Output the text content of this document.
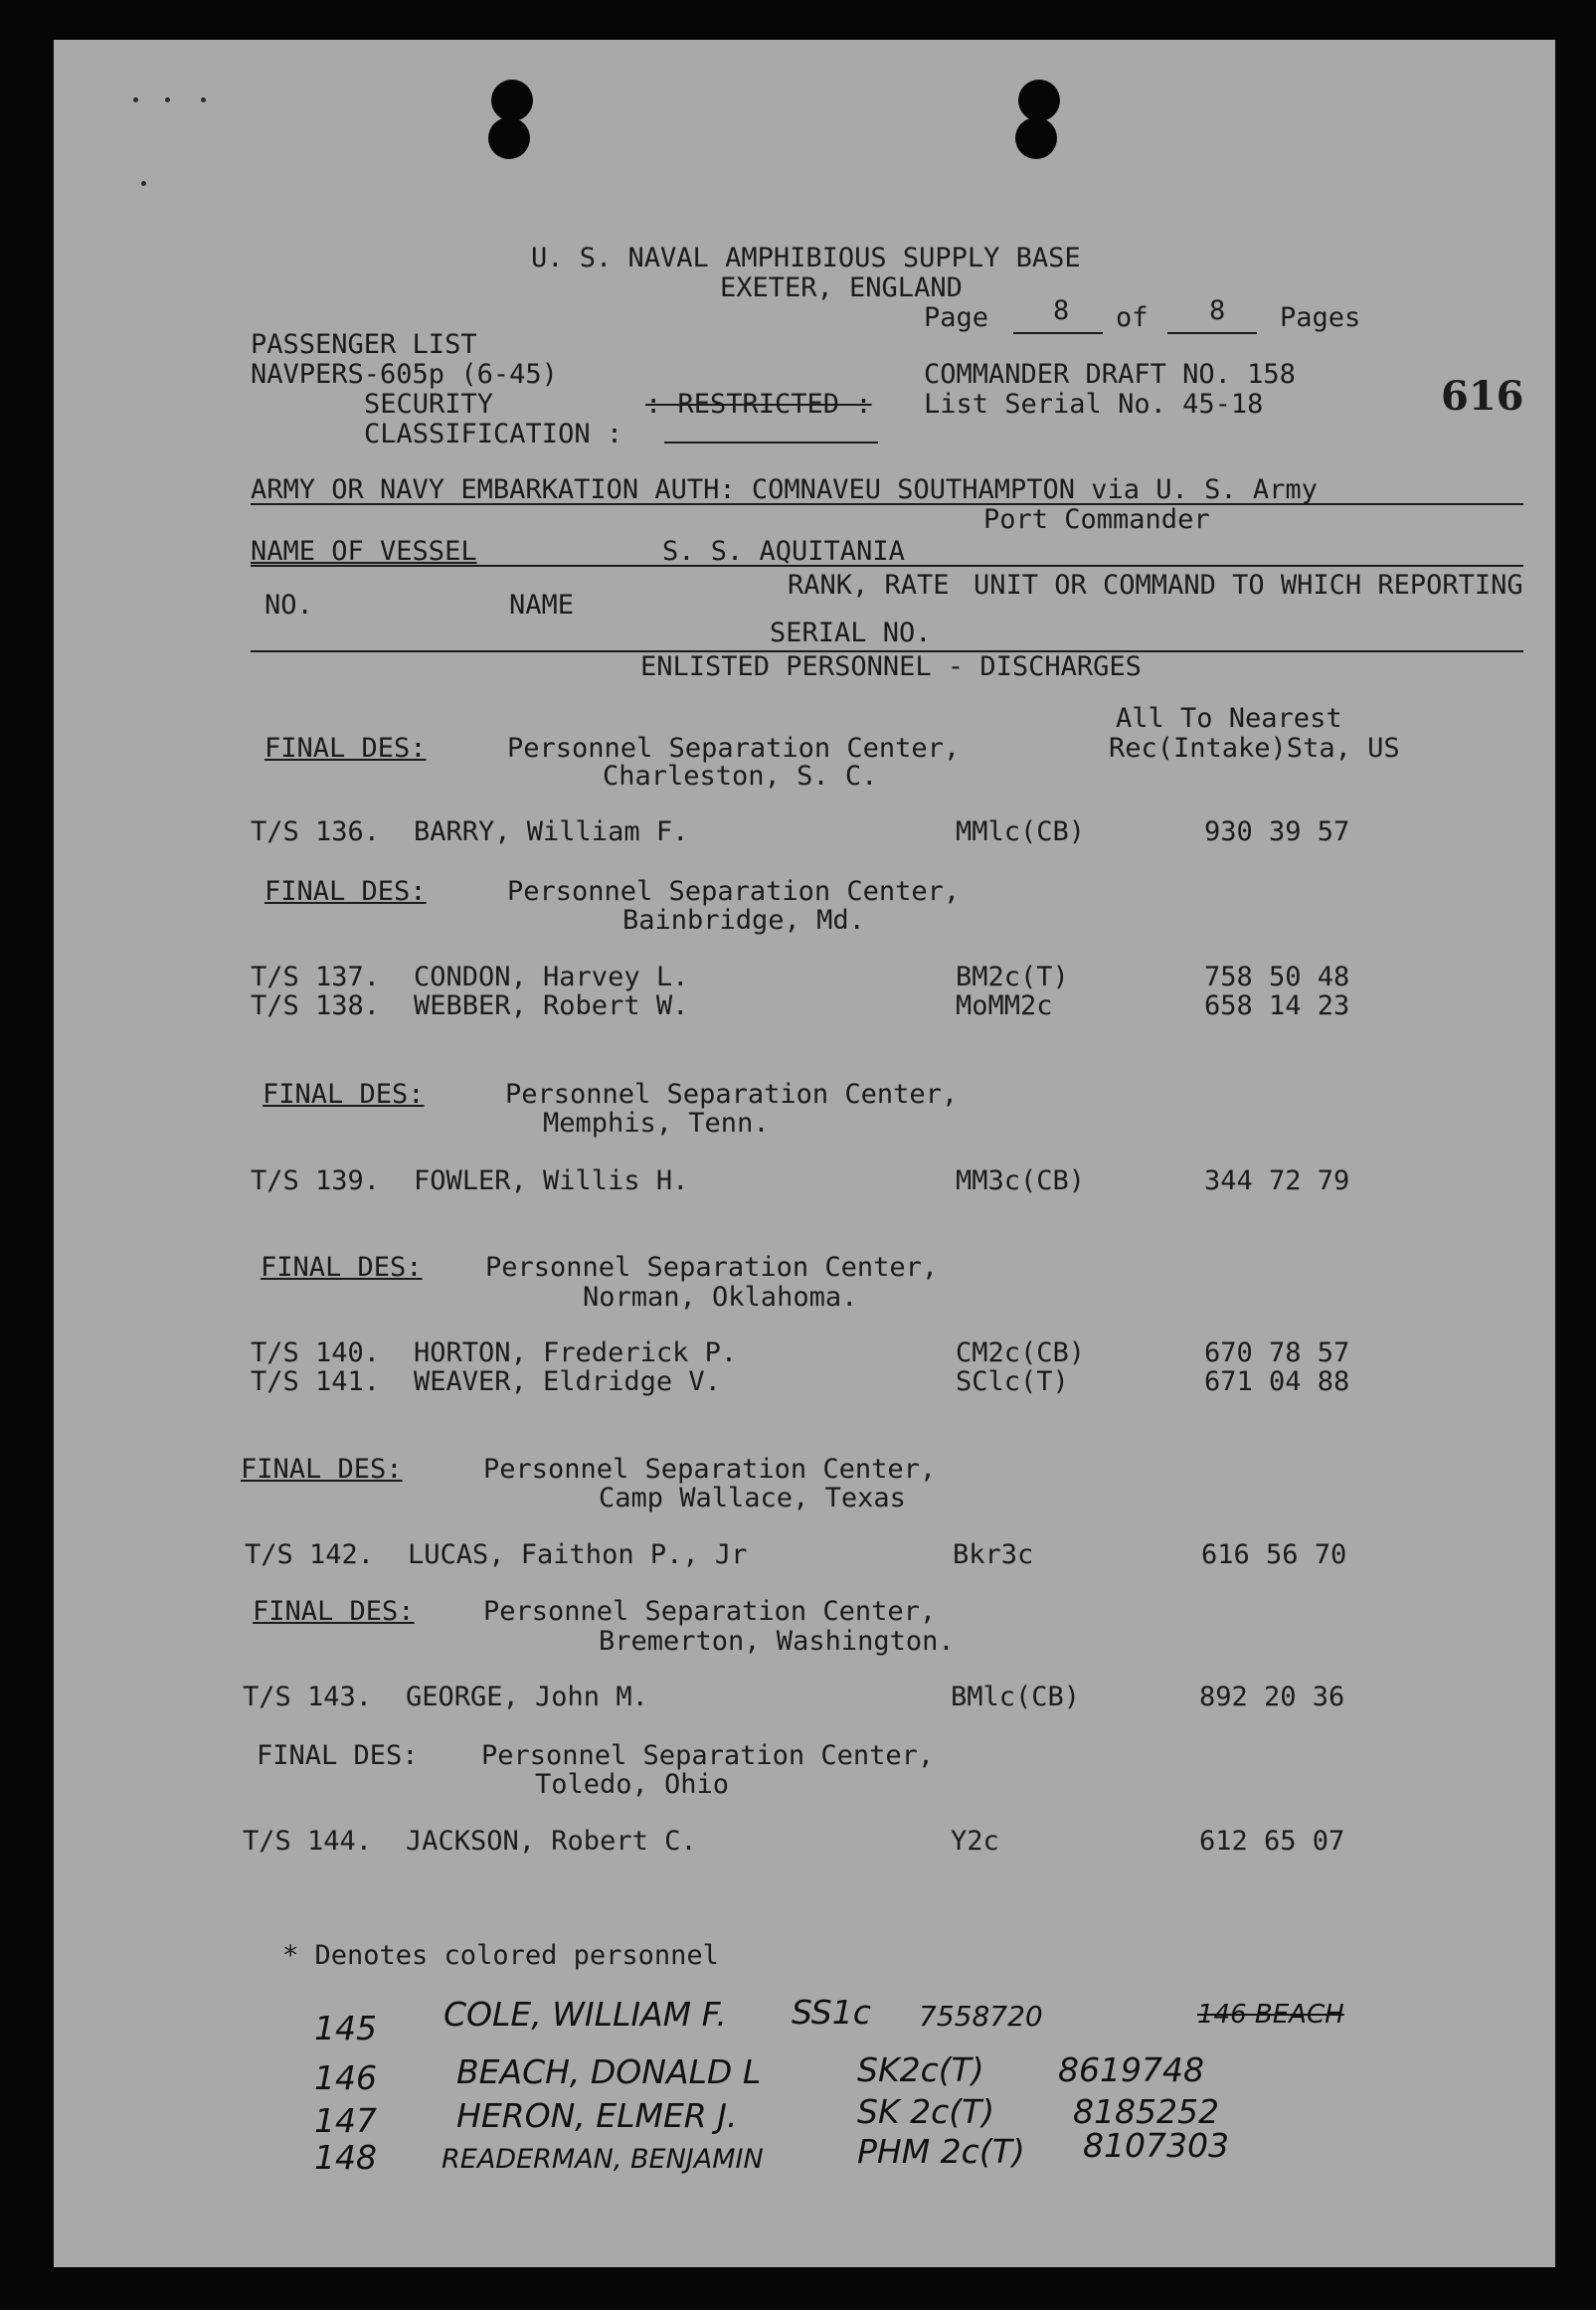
U. S. NAVAL AMPHIBIOUS SUPPLY BASE
EXETER, ENGLAND
Page 8 of 8 Pages
PASSENGER LIST
NAVPERS-605p (6-45)
SECURITY
CLASSIFICATION :
: RESTRICTED :
COMMANDER DRAFT NO. 158
List Serial No. 45-18	616
ARMY OR NAVY EMBARKATION AUTH: COMNAVEU SOUTHAMPTON via U. S. Army
Port Commander
NAME OF VESSEL	S. S. AQUITANIA
NO.	NAME
RANK, RATE
SERIAL NO.
UNIT OR COMMAND TO WHICH REPORTING
ENLISTED PERSONNEL - DISCHARGES
All To Nearest
Rec(Intake)Sta, US
FINAL DES:	Personnel Separation Center,
Charleston, S. C.
T/S 136. BARRY, William F.	MMlc(CB)	930 39 57
FINAL DES:	Personnel Separation Center,
Bainbridge, Md.
T/S 137. CONDON, Harvey L.	BM2c(T)	758 50 48
T/S 138. WEBBER, Robert W.	MoMM2c	658 14 23
FINAL DES:	Personnel Separation Center,
Memphis, Tenn.
T/S 139. FOWLER, Willis H.	MM3c(CB)	344 72 79
FINAL DES: Personnel Separation Center,
Norman, Oklahoma.
T/S 140. HORTON, Frederick P.	CM2c(CB)	670 78 57
T/S 141. WEAVER, Eldridge V.	SClc(T)	671 04 88
FINAL DES:	Personnel Separation Center,
Camp Wallace, Texas
T/S 142. LUCAS, Faithon P., Jr	Bkr3c	616 56 70
FINAL DES:	Personnel Separation Center,
Bremerton, Washington.
T/S 143. GEORGE, John M.	BMlc(CB)	892 20 36
FINAL DES: Personnel Separation Center,
Toledo, Ohio
T/S 144. JACKSON, Robert C.	Y2c	612 65 07
* Denotes colored personnel
145 COLE, WILLIAM F. SS1c 7558720	146 BEACH
146 BEACH, DONALD L	SK2c(T) 8619748
147 HERON, ELMER J.	SK 2c(T) 8185252
148 READERMAN, BENJAMIN	PHM 2c(T) 8107303
